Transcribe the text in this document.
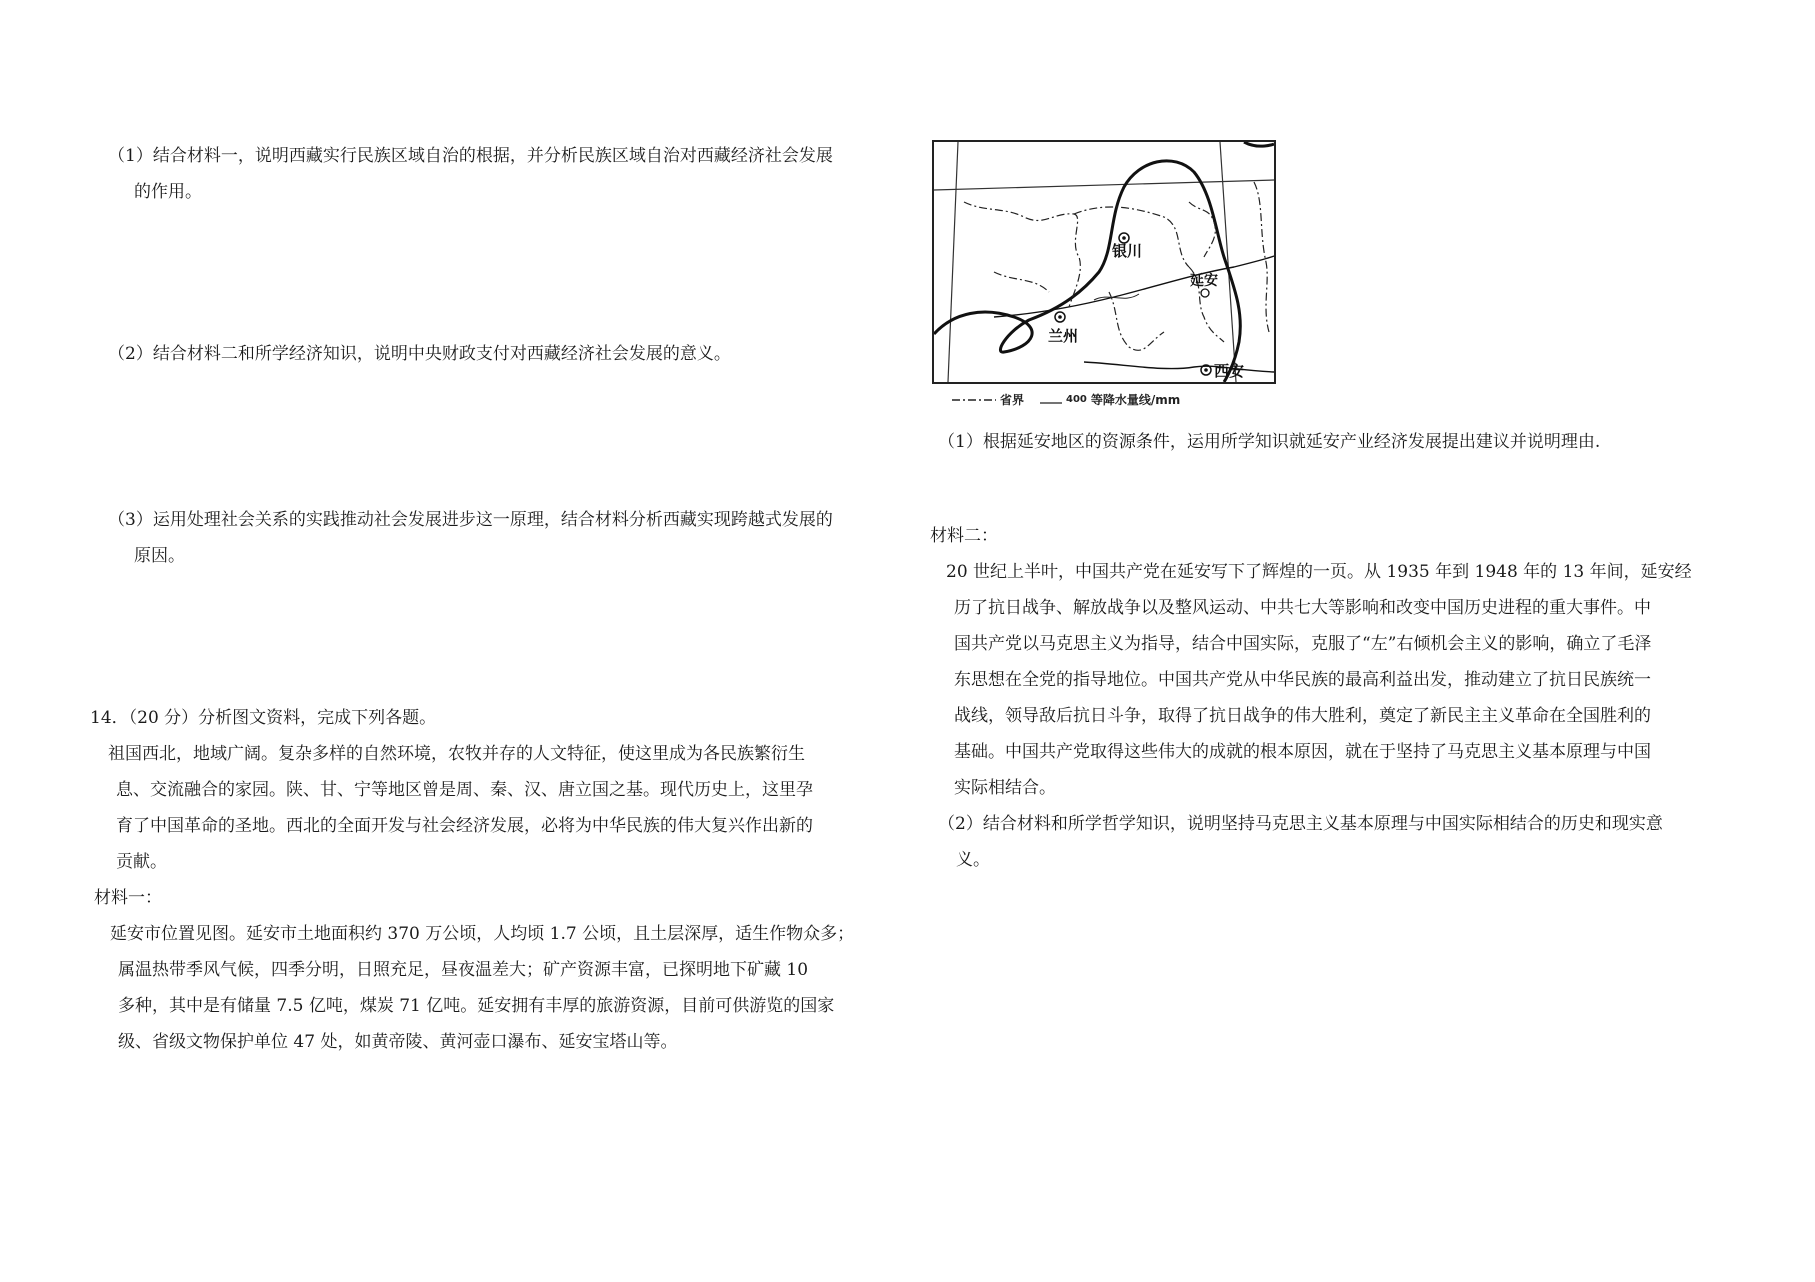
（1）结合材料一，说明西藏实行民族区域自治的根据，并分析民族区域自治对西藏经济社会发展
的作用。

（2）结合材料二和所学经济知识，说明中央财政支付对西藏经济社会发展的意义。

（3）运用处理社会关系的实践推动社会发展进步这一原理，结合材料分析西藏实现跨越式发展的
原因。

14．（20 分）分析图文资料，完成下列各题。

祖国西北，地域广阔。复杂多样的自然环境，农牧并存的人文特征，使这里成为各民族繁衍生

息、交流融合的家园。陕、甘、宁等地区曾是周、秦、汉、唐立国之基。现代历史上，这里孕

育了中国革命的圣地。西北的全面开发与社会经济发展，必将为中华民族的伟大复兴作出新的

贡献。

材料一：

延安市位置见图。延安市土地面积约 370 万公顷，人均顷 1.7 公顷，且土层深厚，适生作物众多；

属温热带季风气候，四季分明，日照充足，昼夜温差大；矿产资源丰富，已探明地下矿藏 10

多种，其中是有储量 7.5 亿吨，煤炭 71 亿吨。延安拥有丰厚的旅游资源，目前可供游览的国家

级、省级文物保护单位 47 处，如黄帝陵、黄河壶口瀑布、延安宝塔山等。

银川
延安
兰州
西安
省界	400 等降水量线/mm

（1）根据延安地区的资源条件，运用所学知识就延安产业经济发展提出建议并说明理由.

材料二：

20 世纪上半叶，中国共产党在延安写下了辉煌的一页。从 1935 年到 1948 年的 13 年间，延安经

历了抗日战争、解放战争以及整风运动、中共七大等影响和改变中国历史进程的重大事件。中

国共产党以马克思主义为指导，结合中国实际，克服了“左”右倾机会主义的影响，确立了毛泽

东思想在全党的指导地位。中国共产党从中华民族的最高利益出发，推动建立了抗日民族统一

战线，领导敌后抗日斗争，取得了抗日战争的伟大胜利，奠定了新民主主义革命在全国胜利的

基础。中国共产党取得这些伟大的成就的根本原因，就在于坚持了马克思主义基本原理与中国

实际相结合。

（2）结合材料和所学哲学知识，说明坚持马克思主义基本原理与中国实际相结合的历史和现实意
义。
